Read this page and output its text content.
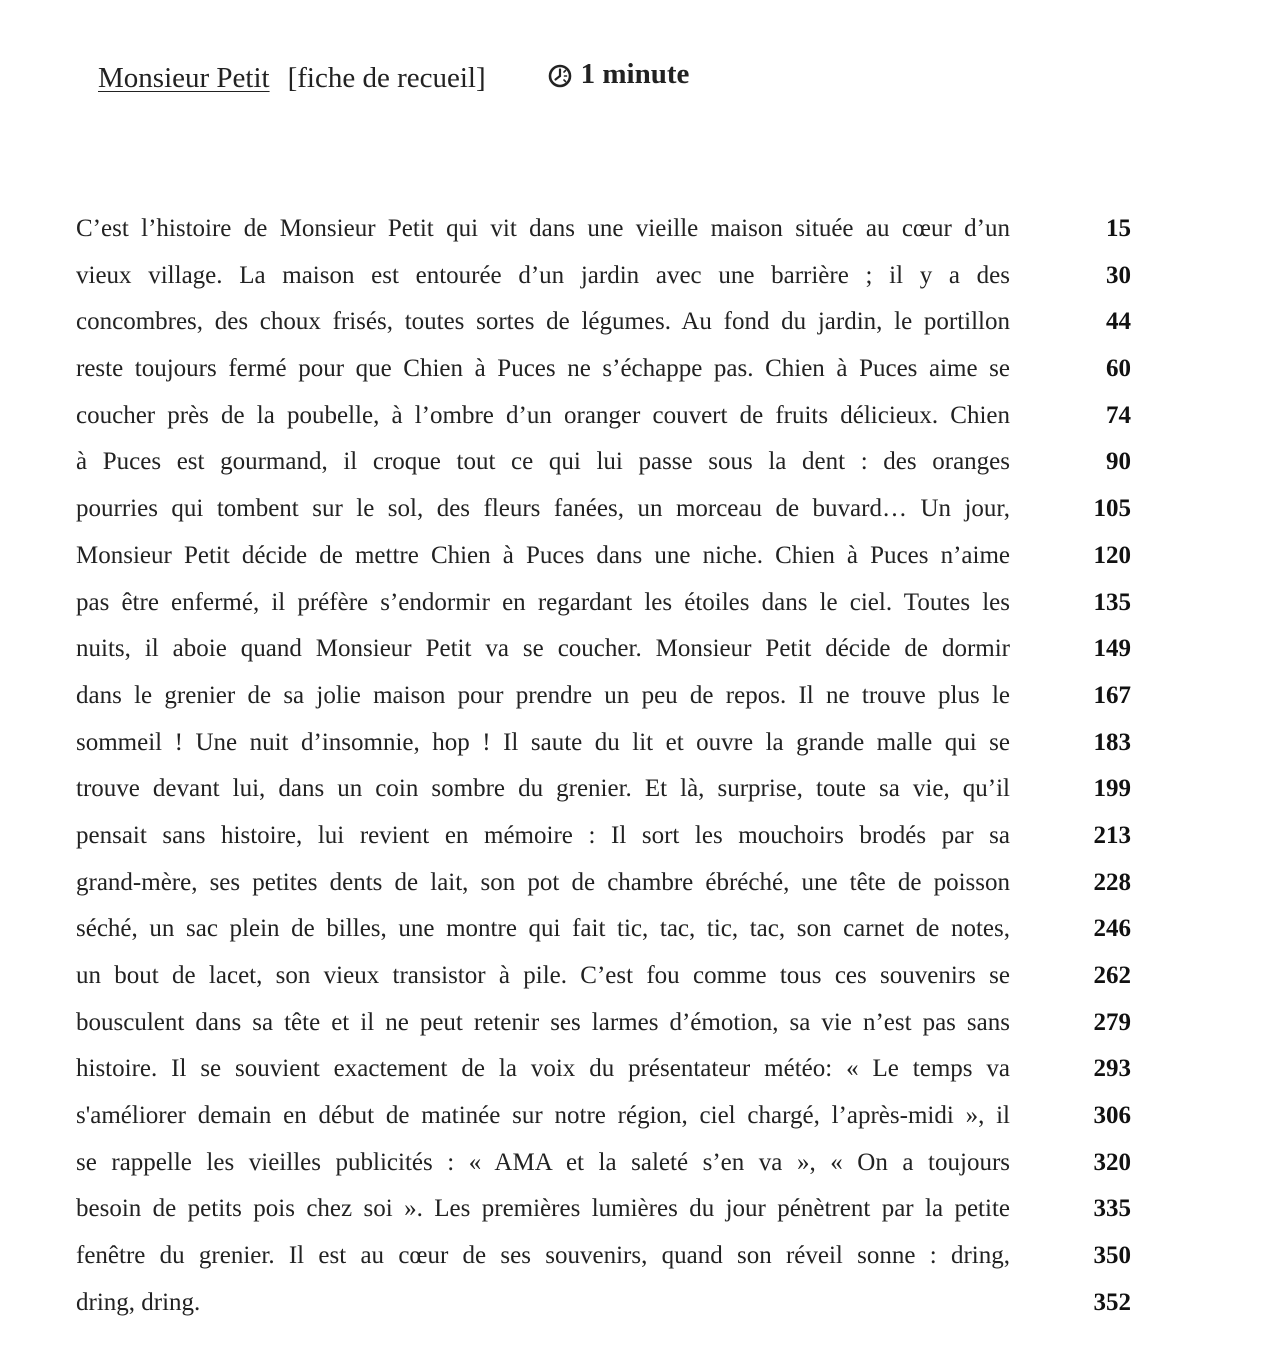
Monsieur Petit [fiche de recueil]	1 minute
C’est l’histoire de Monsieur Petit qui vit dans une vieille maison située au cœur d’un	15
vieux village. La maison est entourée d’un jardin avec une barrière ; il y a des	30
concombres, des choux frisés, toutes sortes de légumes. Au fond du jardin, le portillon	44
reste toujours fermé pour que Chien à Puces ne s’échappe pas. Chien à Puces aime se	60
coucher près de la poubelle, à l’ombre d’un oranger couvert de fruits délicieux. Chien	74
à Puces est gourmand, il croque tout ce qui lui passe sous la dent : des oranges	90
pourries qui tombent sur le sol, des fleurs fanées, un morceau de buvard… Un jour,	105
Monsieur Petit décide de mettre Chien à Puces dans une niche. Chien à Puces n’aime	120
pas être enfermé, il préfère s’endormir en regardant les étoiles dans le ciel. Toutes les	135
nuits, il aboie quand Monsieur Petit va se coucher. Monsieur Petit décide de dormir	149
dans le grenier de sa jolie maison pour prendre un peu de repos. Il ne trouve plus le	167
sommeil ! Une nuit d’insomnie, hop ! Il saute du lit et ouvre la grande malle qui se	183
trouve devant lui, dans un coin sombre du grenier. Et là, surprise, toute sa vie, qu’il	199
pensait sans histoire, lui revient en mémoire : Il sort les mouchoirs brodés par sa	213
grand-mère, ses petites dents de lait, son pot de chambre ébréché, une tête de poisson	228
séché, un sac plein de billes, une montre qui fait tic, tac, tic, tac, son carnet de notes,	246
un bout de lacet, son vieux transistor à pile. C’est fou comme tous ces souvenirs se	262
bousculent dans sa tête et il ne peut retenir ses larmes d’émotion, sa vie n’est pas sans	279
histoire. Il se souvient exactement de la voix du présentateur météo: « Le temps va	293
s'améliorer demain en début de matinée sur notre région, ciel chargé, l’après-midi », il	306
se rappelle les vieilles publicités : « AMA et la saleté s’en va », « On a toujours	320
besoin de petits pois chez soi ». Les premières lumières du jour pénètrent par la petite	335
fenêtre du grenier. Il est au cœur de ses souvenirs, quand son réveil sonne : dring,	350
dring, dring.	352
